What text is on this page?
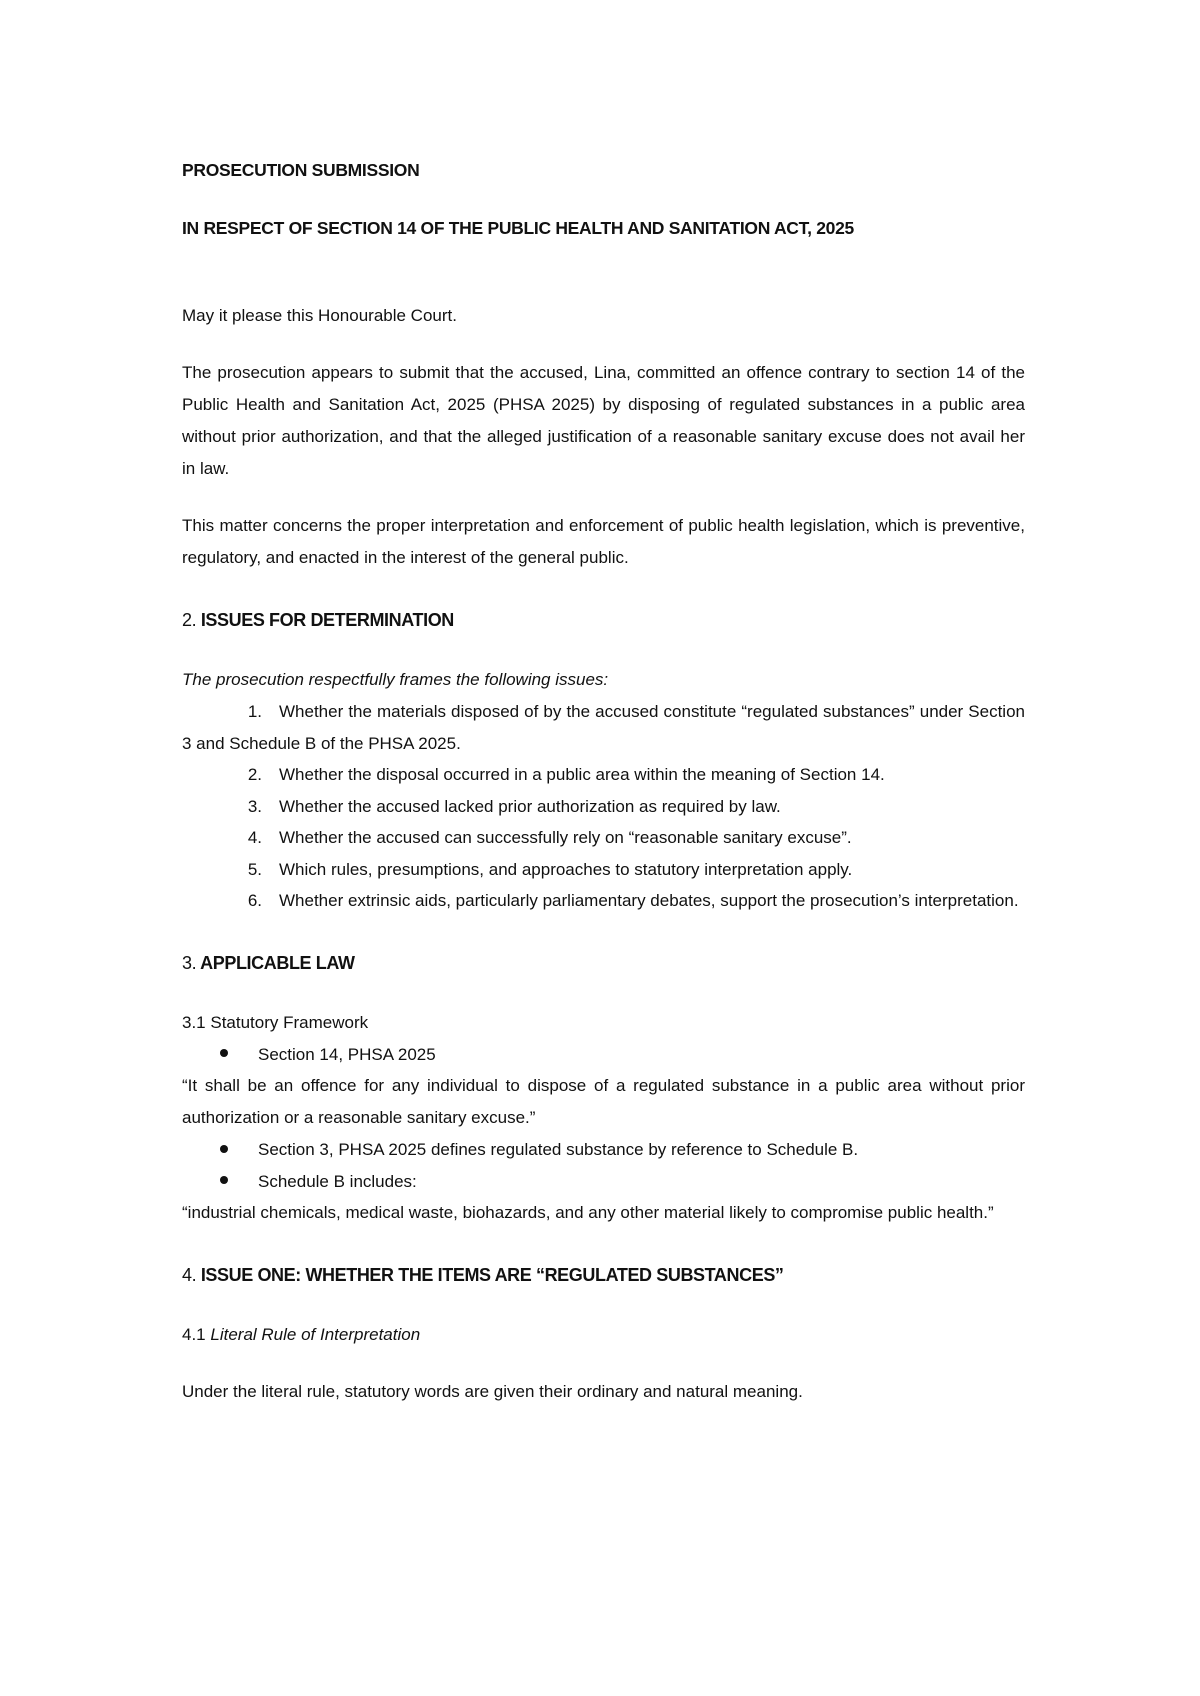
PROSECUTION SUBMISSION

IN RESPECT OF SECTION 14 OF THE PUBLIC HEALTH AND SANITATION ACT, 2025

May it please this Honourable Court.

The prosecution appears to submit that the accused, Lina, committed an offence contrary to section 14 of the Public Health and Sanitation Act, 2025 (PHSA 2025) by disposing of regulated substances in a public area without prior authorization, and that the alleged justification of a reasonable sanitary excuse does not avail her in law.

This matter concerns the proper interpretation and enforcement of public health legislation, which is preventive, regulatory, and enacted in the interest of the general public.

2. ISSUES FOR DETERMINATION

The prosecution respectfully frames the following issues:

1. Whether the materials disposed of by the accused constitute “regulated substances” under Section 3 and Schedule B of the PHSA 2025.

2. Whether the disposal occurred in a public area within the meaning of Section 14.

3. Whether the accused lacked prior authorization as required by law.

4. Whether the accused can successfully rely on “reasonable sanitary excuse”.

5. Which rules, presumptions, and approaches to statutory interpretation apply.

6. Whether extrinsic aids, particularly parliamentary debates, support the prosecution’s interpretation.

3. APPLICABLE LAW

3.1 Statutory Framework

Section 14, PHSA 2025

“It shall be an offence for any individual to dispose of a regulated substance in a public area without prior authorization or a reasonable sanitary excuse.”

Section 3, PHSA 2025 defines regulated substance by reference to Schedule B.

Schedule B includes:

“industrial chemicals, medical waste, biohazards, and any other material likely to compromise public health.”

4. ISSUE ONE: WHETHER THE ITEMS ARE “REGULATED SUBSTANCES”

4.1 Literal Rule of Interpretation

Under the literal rule, statutory words are given their ordinary and natural meaning.
